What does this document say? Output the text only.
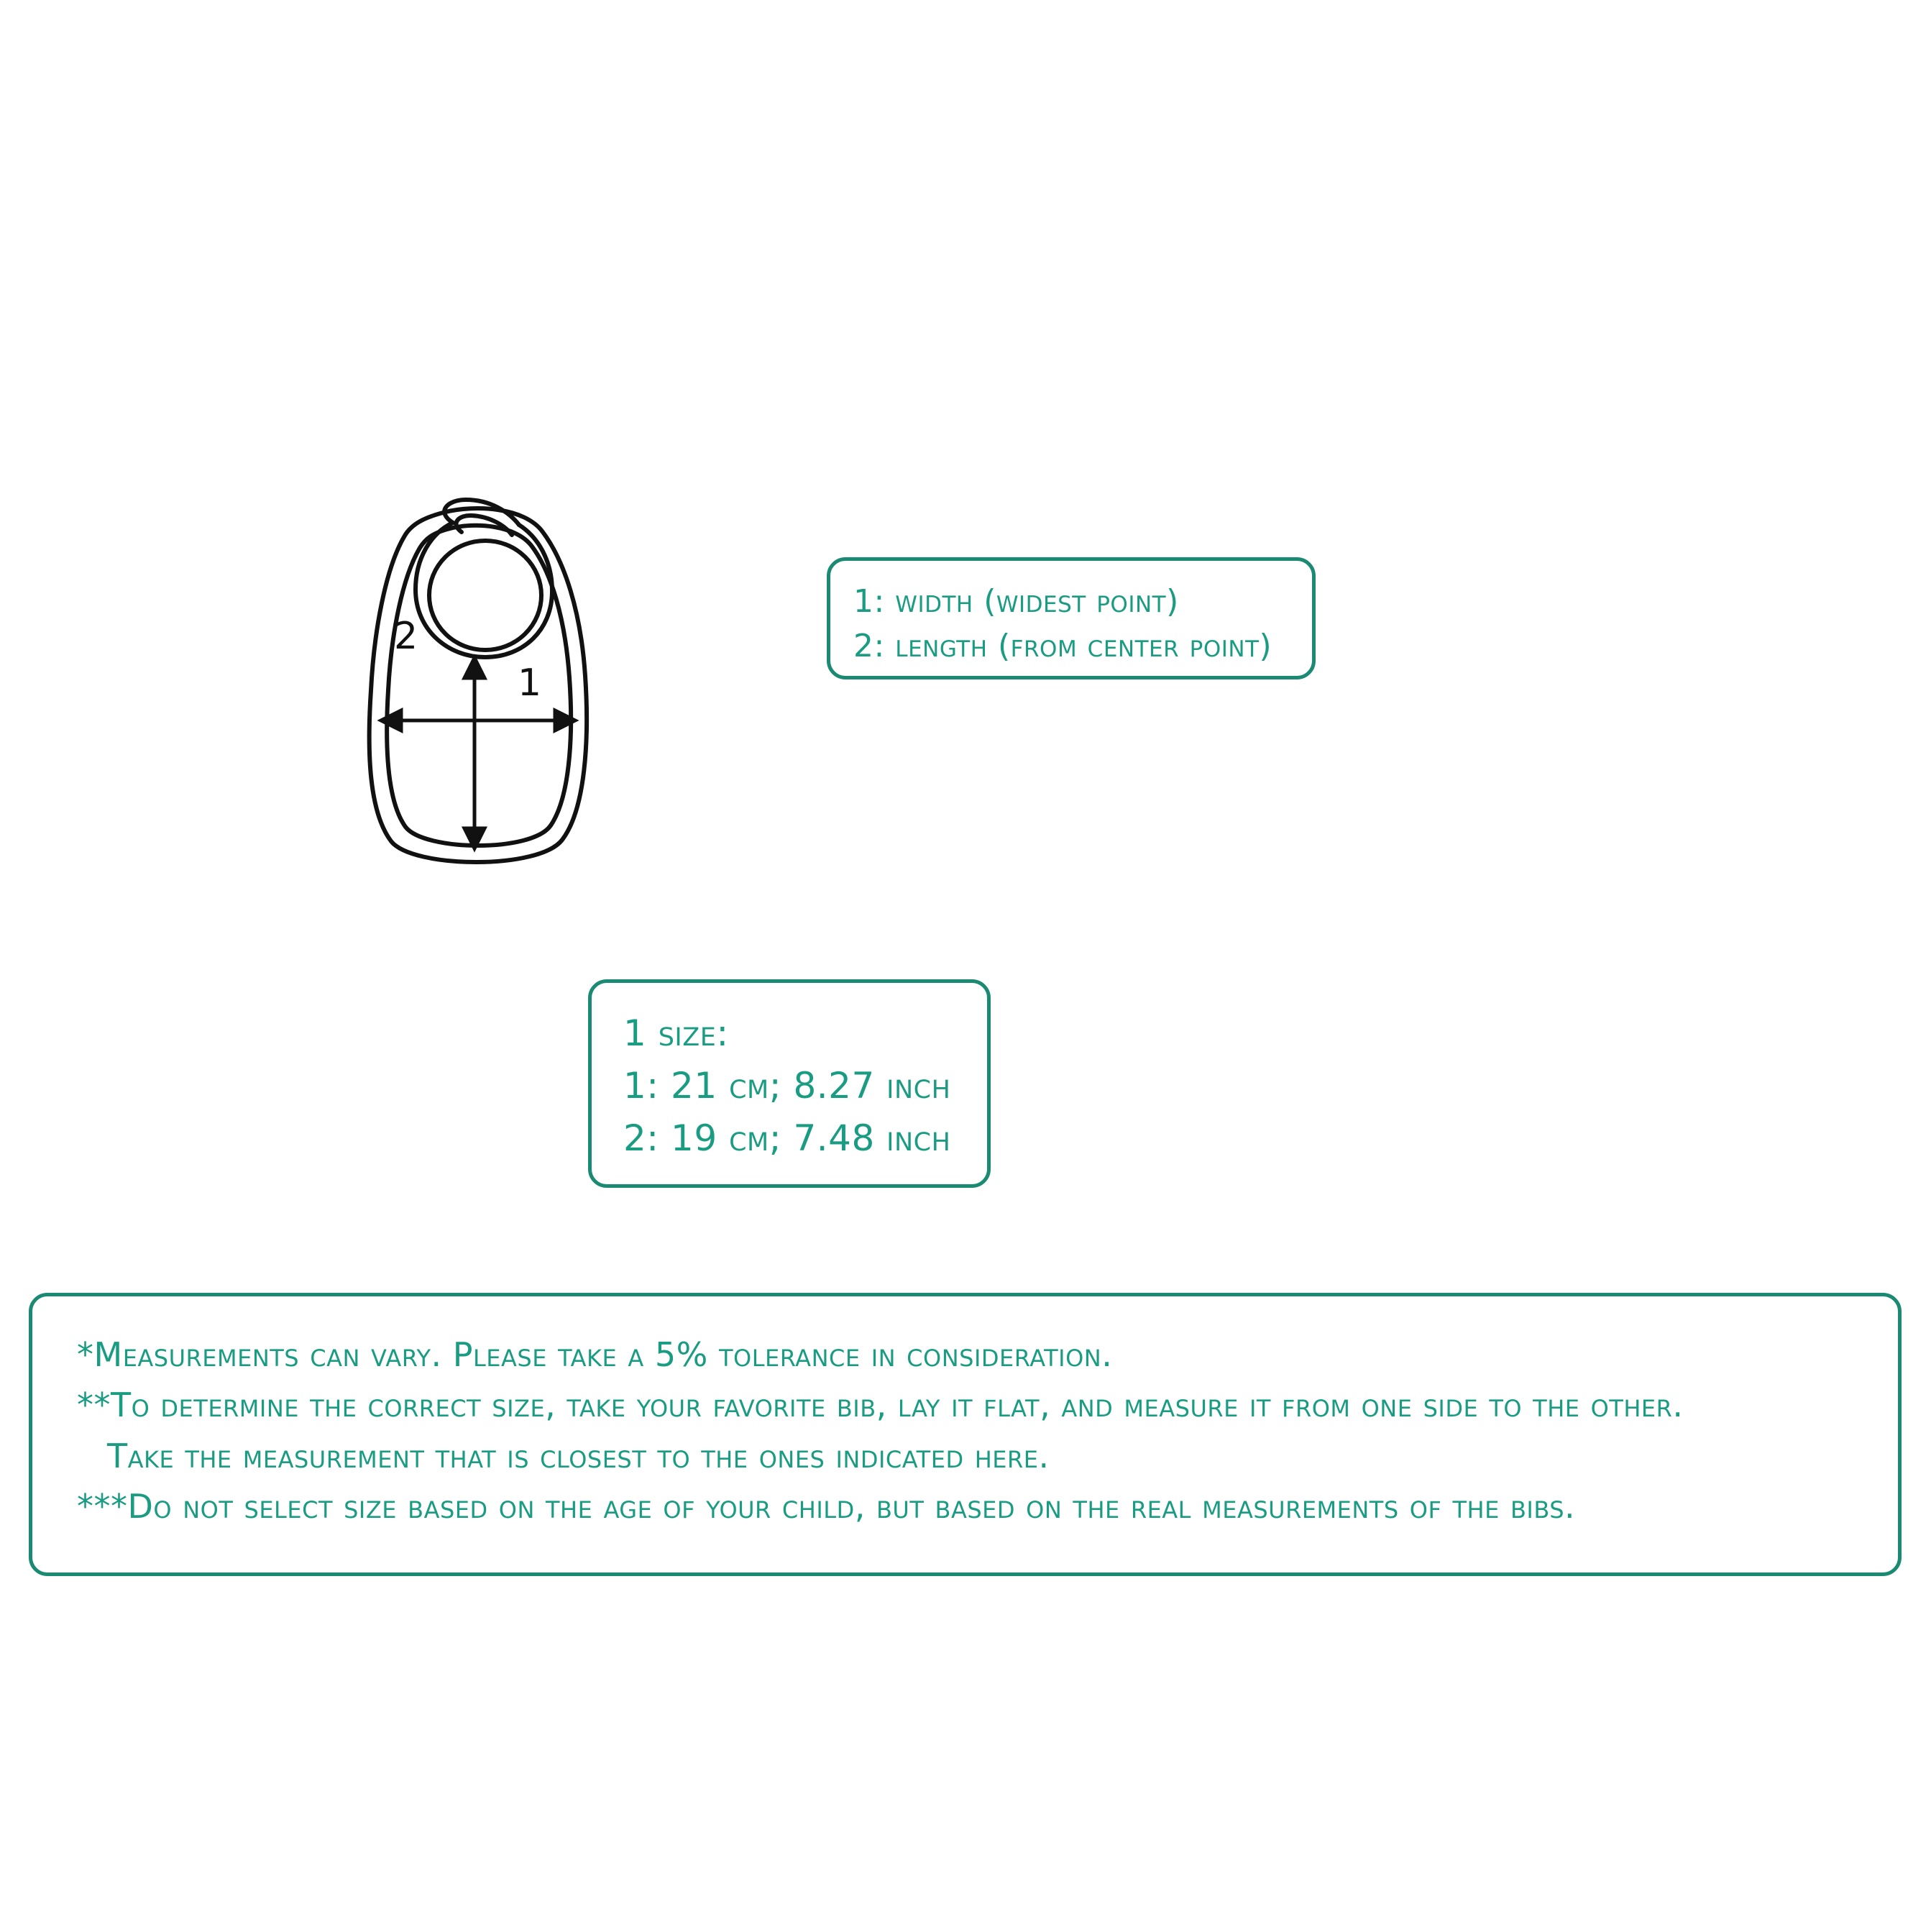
1
2
1: width (widest point)
2: length (from center point)
1 size:
1: 21 cm; 8.27 inch
2: 19 cm; 7.48 inch
*Measurements can vary. Please take a 5% tolerance in consideration.
**To determine the correct size, take your favorite bib, lay it flat, and measure it from one side to the other.
Take the measurement that is closest to the ones indicated here.
***Do not select size based on the age of your child, but based on the real measurements of the bibs.
